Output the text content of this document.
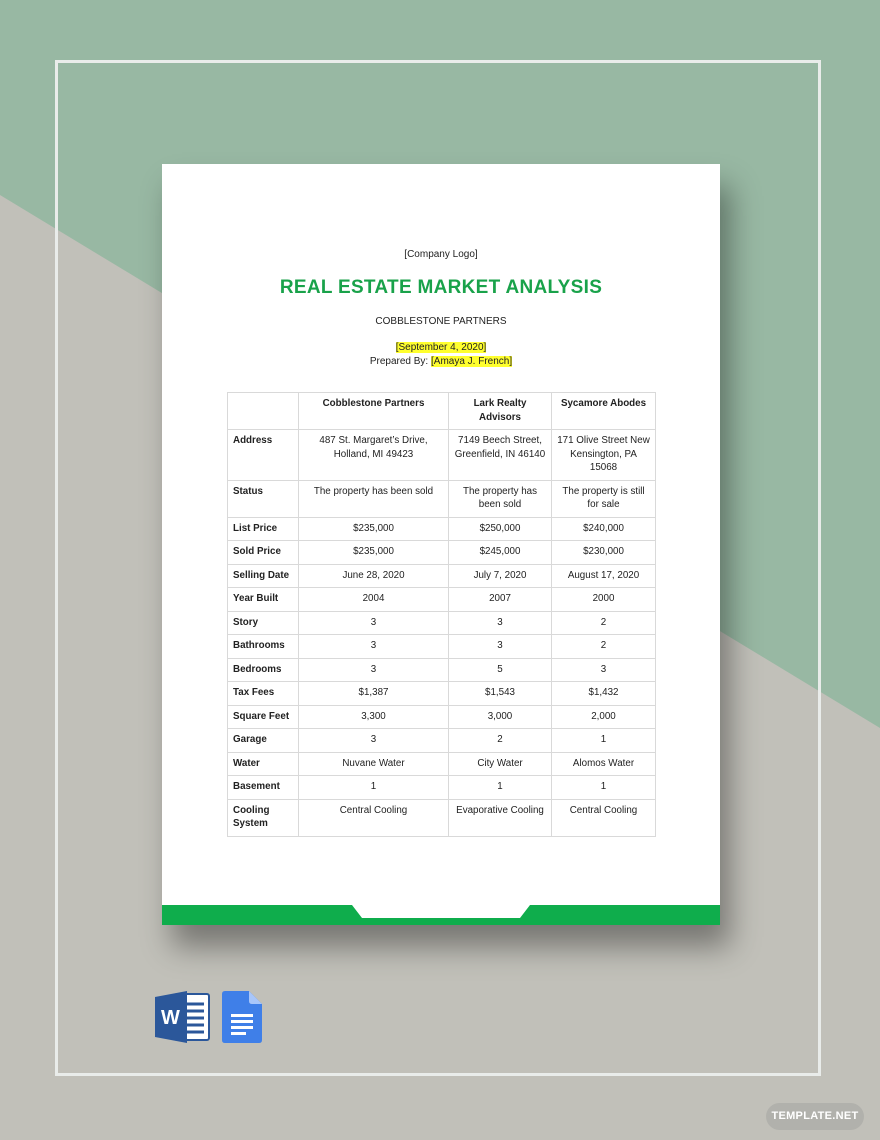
[Company Logo]
REAL ESTATE MARKET ANALYSIS
COBBLESTONE PARTNERS
[September 4, 2020]
Prepared By: [Amaya J. French]
	Cobblestone Partners	Lark Realty Advisors	Sycamore Abodes
Address	487 St. Margaret’s Drive, Holland, MI 49423	7149 Beech Street, Greenfield, IN 46140	171 Olive Street New Kensington, PA 15068
Status	The property has been sold	The property has been sold	The property is still for sale
List Price	$235,000	$250,000	$240,000
Sold Price	$235,000	$245,000	$230,000
Selling Date	June 28, 2020	July 7, 2020	August 17, 2020
Year Built	2004	2007	2000
Story	3	3	2
Bathrooms	3	3	2
Bedrooms	3	5	3
Tax Fees	$1,387	$1,543	$1,432
Square Feet	3,300	3,000	2,000
Garage	3	2	1
Water	Nuvane Water	City Water	Alomos Water
Basement	1	1	1
Cooling System	Central Cooling	Evaporative Cooling	Central Cooling
W
TEMPLATE.NET
